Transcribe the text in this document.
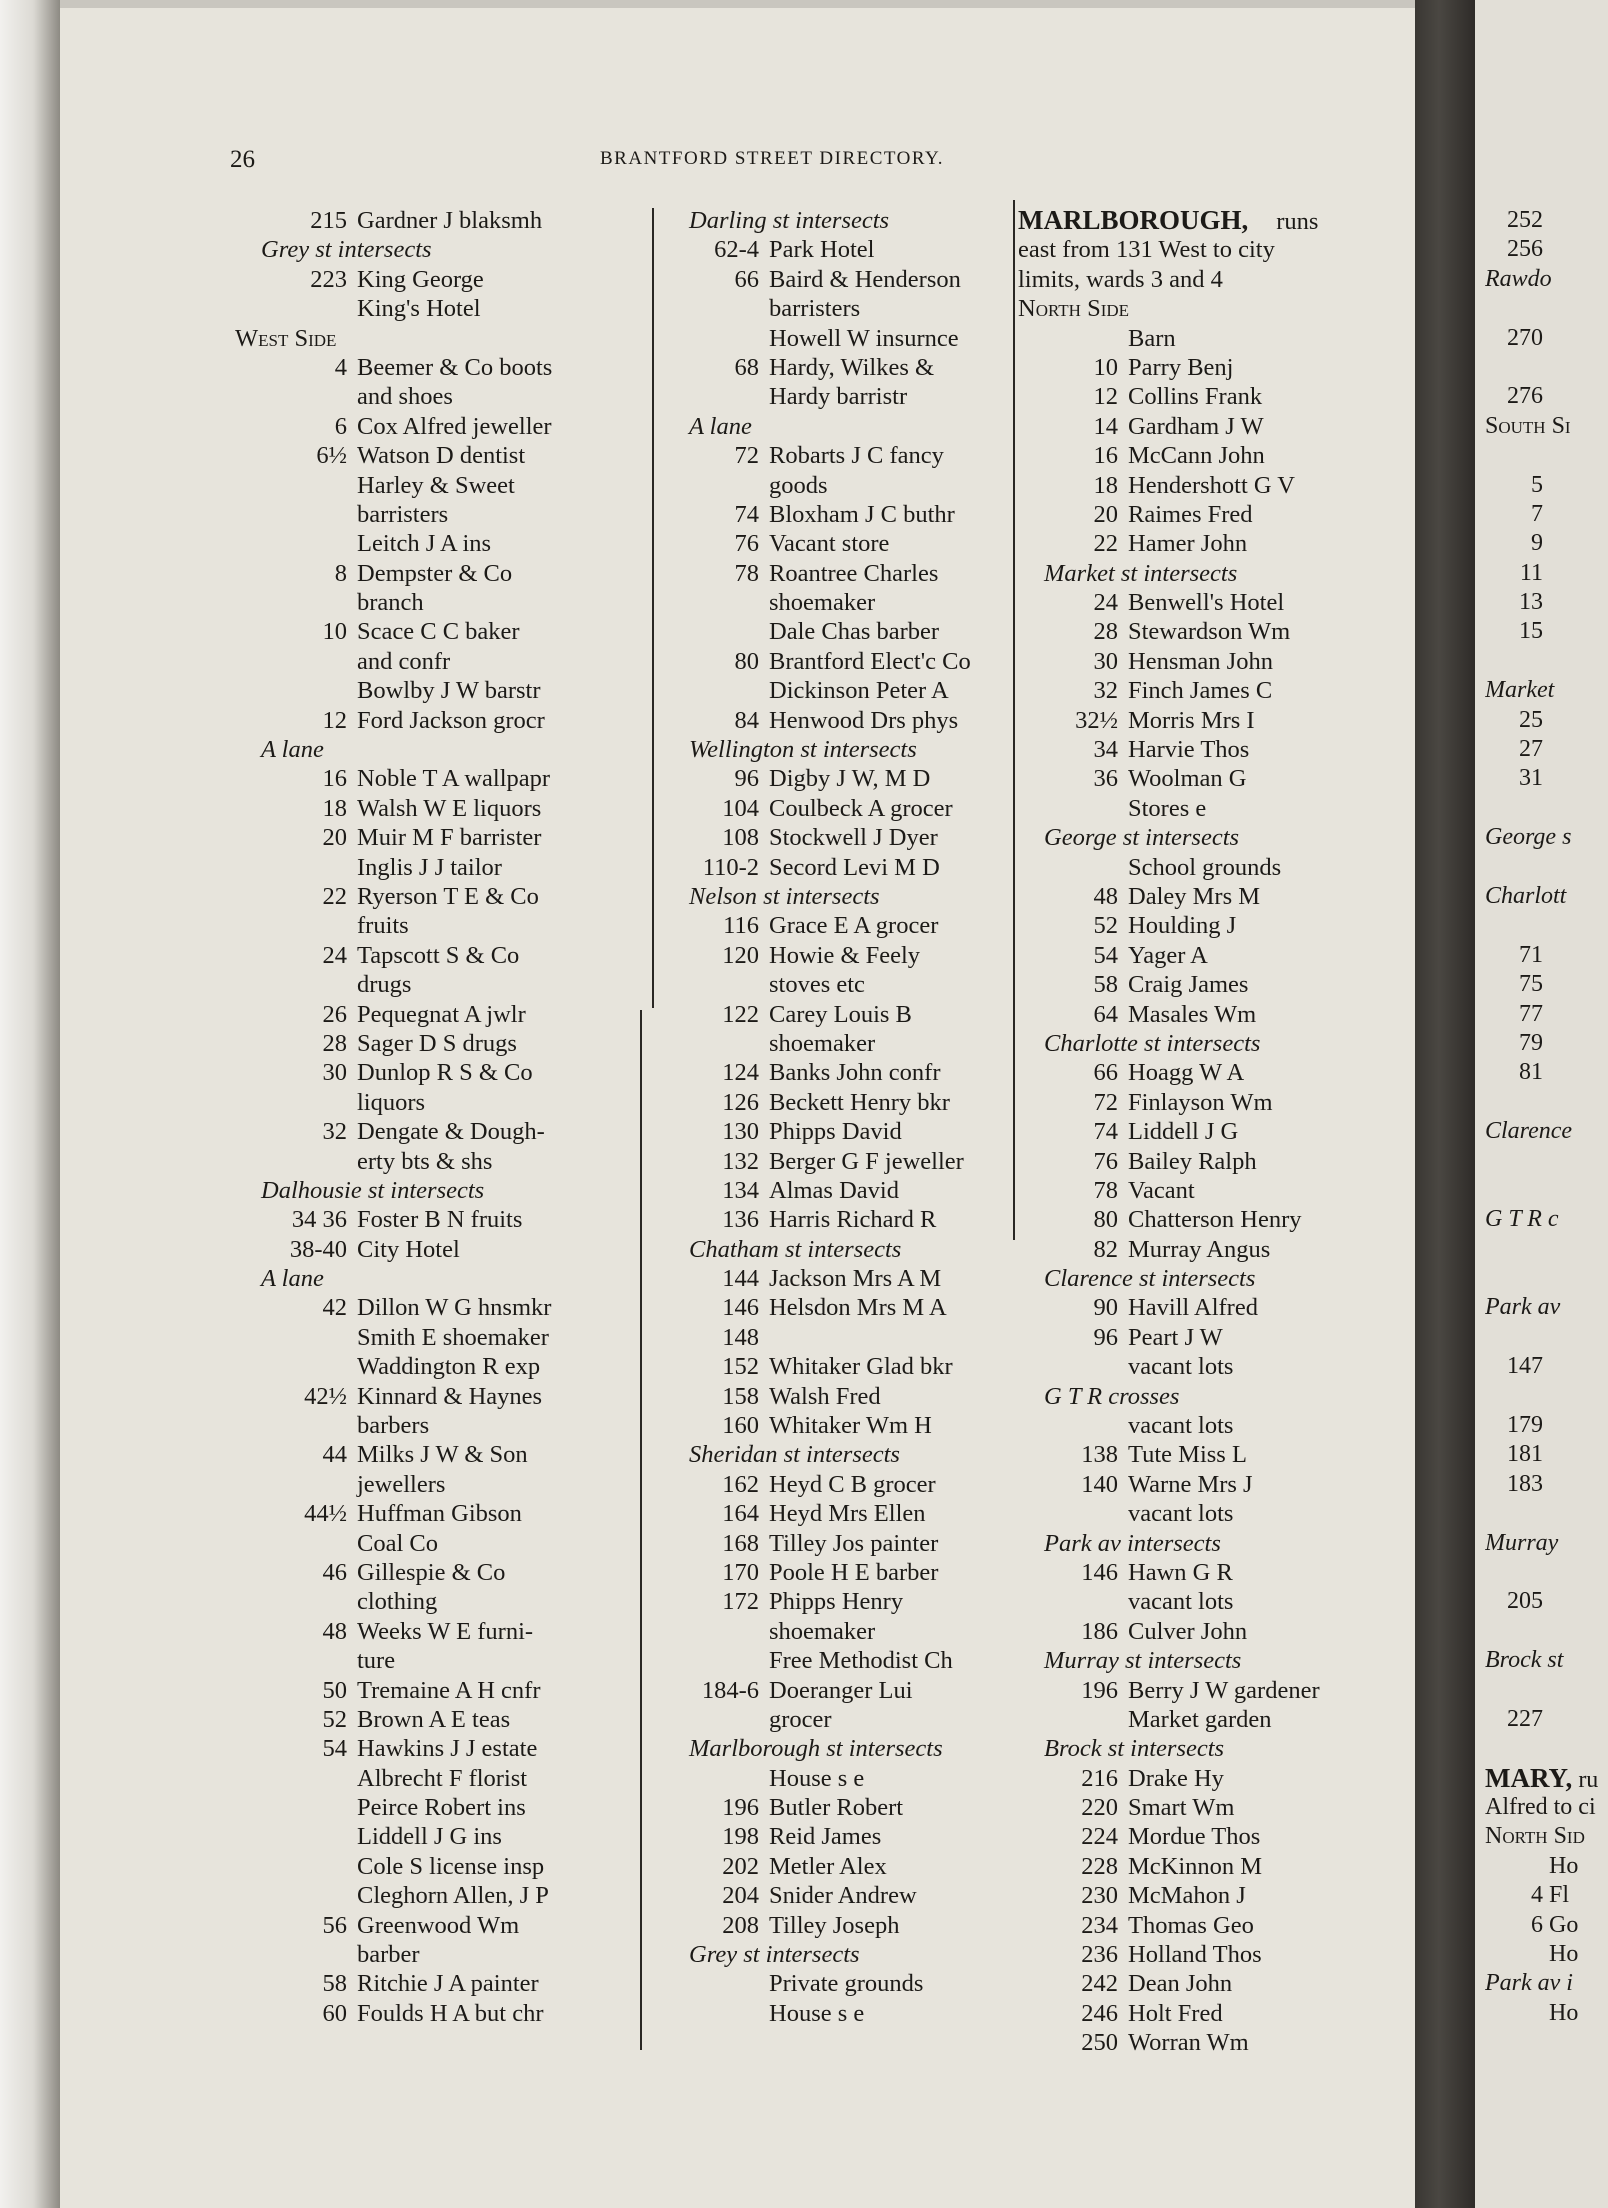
26	BRANTFORD STREET DIRECTORY.
215 Gardner J blaksmh
Grey st intersects
223 King George
King's Hotel
West Side
4 Beemer & Co boots
and shoes
6 Cox Alfred jeweller
6½ Watson D dentist
Harley & Sweet
barristers
Leitch J A ins
8 Dempster & Co
branch
10 Scace C C baker
and confr
Bowlby J W barstr
12 Ford Jackson grocr
A lane
16 Noble T A wallpapr
18 Walsh W E liquors
20 Muir M F barrister
Inglis J J tailor
22 Ryerson T E & Co
fruits
24 Tapscott S & Co
drugs
26 Pequegnat A jwlr
28 Sager D S drugs
30 Dunlop R S & Co
liquors
32 Dengate & Dough-
erty bts & shs
Dalhousie st intersects
34 36 Foster B N fruits
38-40 City Hotel
A lane
42 Dillon W G hnsmkr
Smith E shoemaker
Waddington R exp
42½ Kinnard & Haynes
barbers
44 Milks J W & Son
jewellers
44½ Huffman Gibson
Coal Co
46 Gillespie & Co
clothing
48 Weeks W E furni-
ture
50 Tremaine A H cnfr
52 Brown A E teas
54 Hawkins J J estate
Albrecht F florist
Peirce Robert ins
Liddell J G ins
Cole S license insp
Cleghorn Allen, J P
56 Greenwood Wm
barber
58 Ritchie J A painter
60 Foulds H A but chr
Darling st intersects
62-4 Park Hotel
66 Baird & Henderson
barristers
Howell W insurnce
68 Hardy, Wilkes &
Hardy barristr
A lane
72 Robarts J C fancy
goods
74 Bloxham J C buthr
76 Vacant store
78 Roantree Charles
shoemaker
Dale Chas barber
80 Brantford Elect'c Co
Dickinson Peter A
84 Henwood Drs phys
Wellington st intersects
96 Digby J W, M D
104 Coulbeck A grocer
108 Stockwell J Dyer
110-2 Secord Levi M D
Nelson st intersects
116 Grace E A grocer
120 Howie & Feely
stoves etc
122 Carey Louis B
shoemaker
124 Banks John confr
126 Beckett Henry bkr
130 Phipps David
132 Berger G F jeweller
134 Almas David
136 Harris Richard R
Chatham st intersects
144 Jackson Mrs A M
146 Helsdon Mrs M A
148
152 Whitaker Glad bkr
158 Walsh Fred
160 Whitaker Wm H
Sheridan st intersects
162 Heyd C B grocer
164 Heyd Mrs Ellen
168 Tilley Jos painter
170 Poole H E barber
172 Phipps Henry
shoemaker
Free Methodist Ch
184-6 Doeranger Lui
grocer
Marlborough st intersects
House s e
196 Butler Robert
198 Reid James
202 Metler Alex
204 Snider Andrew
208 Tilley Joseph
Grey st intersects
Private grounds
House s e
MARLBOROUGH, runs
east from 131 West to city
limits, wards 3 and 4
North Side
Barn
10 Parry Benj
12 Collins Frank
14 Gardham J W
16 McCann John
18 Hendershott G V
20 Raimes Fred
22 Hamer John
Market st intersects
24 Benwell's Hotel
28 Stewardson Wm
30 Hensman John
32 Finch James C
32½ Morris Mrs I
34 Harvie Thos
36 Woolman G
Stores e
George st intersects
School grounds
48 Daley Mrs M
52 Houlding J
54 Yager A
58 Craig James
64 Masales Wm
Charlotte st intersects
66 Hoagg W A
72 Finlayson Wm
74 Liddell J G
76 Bailey Ralph
78 Vacant
80 Chatterson Henry
82 Murray Angus
Clarence st intersects
90 Havill Alfred
96 Peart J W
vacant lots
G T R crosses
vacant lots
138 Tute Miss L
140 Warne Mrs J
vacant lots
Park av intersects
146 Hawn G R
vacant lots
186 Culver John
Murray st intersects
196 Berry J W gardener
Market garden
Brock st intersects
216 Drake Hy
220 Smart Wm
224 Mordue Thos
228 McKinnon M
230 McMahon J
234 Thomas Geo
236 Holland Thos
242 Dean John
246 Holt Fred
250 Worran Wm
252
256
Rawdo
270
276
South Si
5
7
9
11
13
15
Market
25
27
31
George s
Charlott
71
75
77
79
81
Clarence
G T R c
Park av
147
179
181
183
Murray
205
Brock st
227
MARY, ru
Alfred to ci
North Sid
Ho
4 Fl
6 Go
Ho
Park av i
Ho
